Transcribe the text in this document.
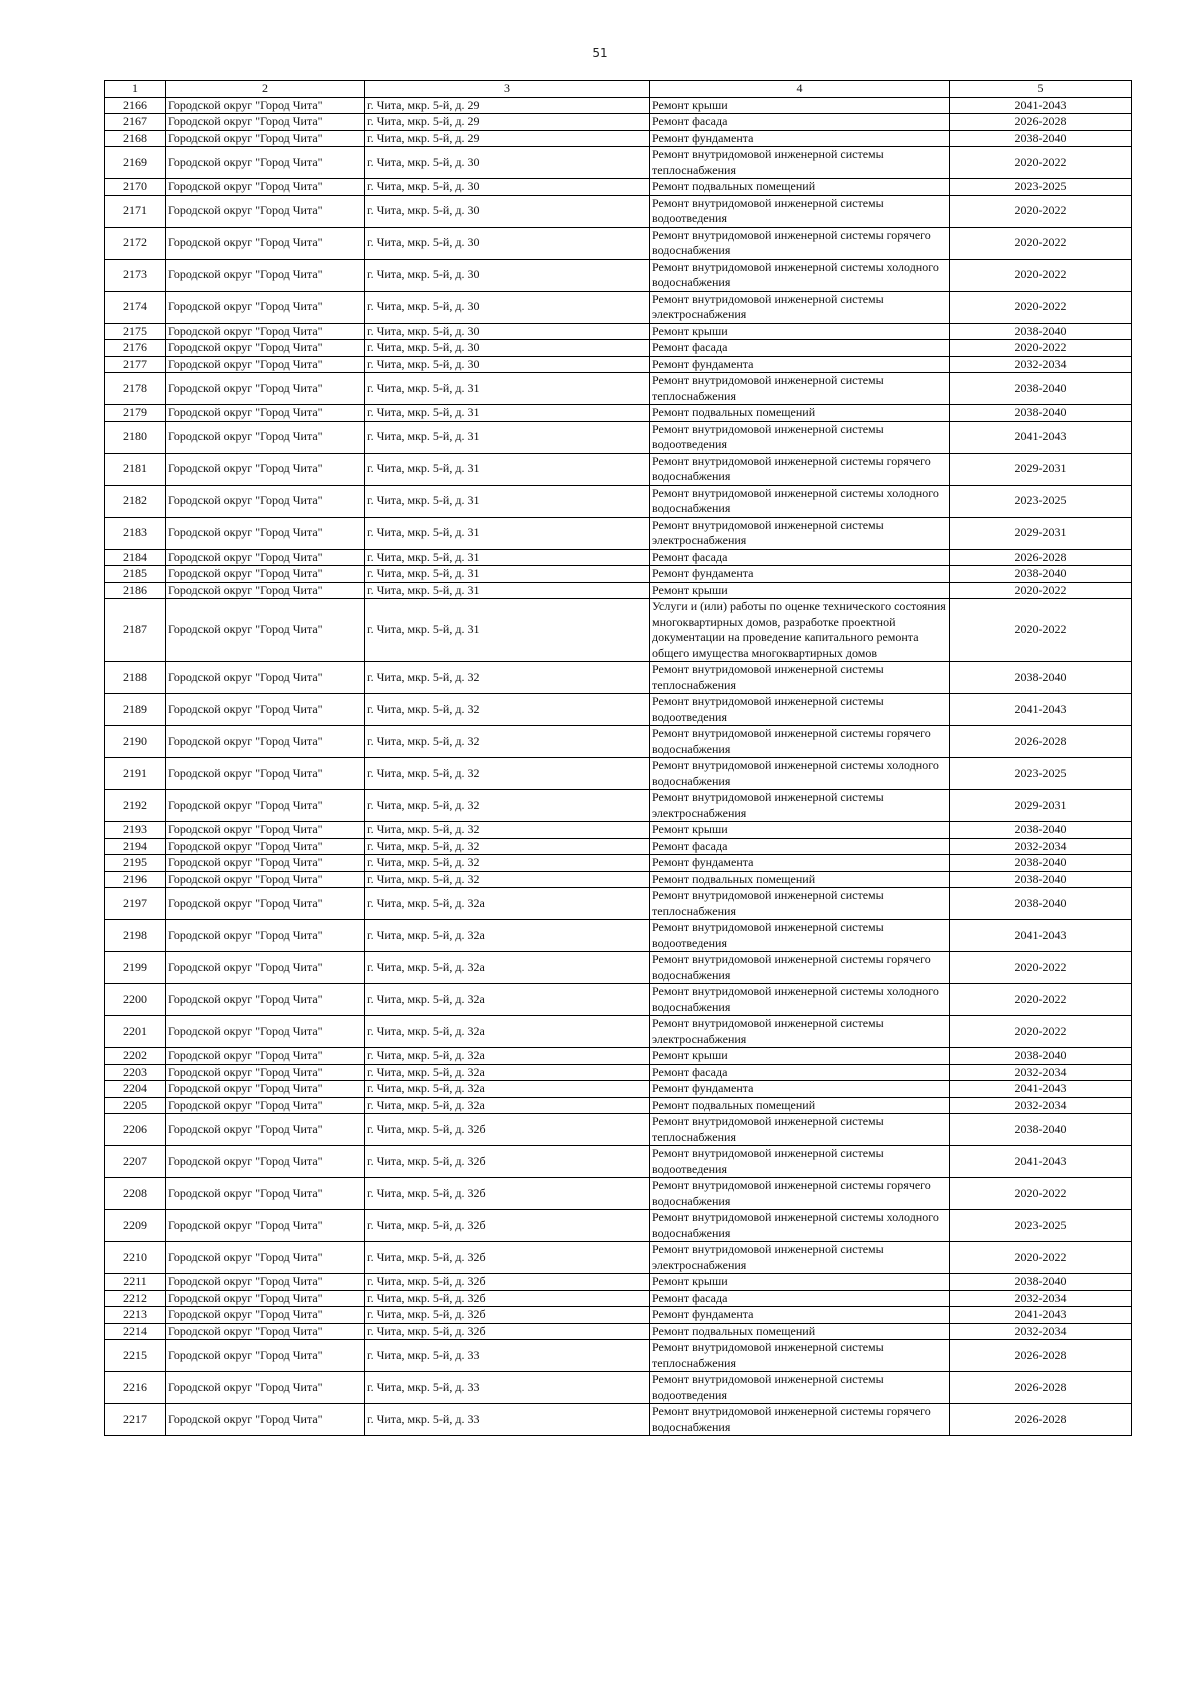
51
1	2	3	4	5
2166	Городской округ "Город Чита"	г. Чита, мкр. 5-й, д. 29	Ремонт крыши	2041-2043
2167	Городской округ "Город Чита"	г. Чита, мкр. 5-й, д. 29	Ремонт фасада	2026-2028
2168	Городской округ "Город Чита"	г. Чита, мкр. 5-й, д. 29	Ремонт фундамента	2038-2040
2169	Городской округ "Город Чита"	г. Чита, мкр. 5-й, д. 30	Ремонт внутридомовой инженерной системы теплоснабжения	2020-2022
2170	Городской округ "Город Чита"	г. Чита, мкр. 5-й, д. 30	Ремонт подвальных помещений	2023-2025
2171	Городской округ "Город Чита"	г. Чита, мкр. 5-й, д. 30	Ремонт внутридомовой инженерной системы водоотведения	2020-2022
2172	Городской округ "Город Чита"	г. Чита, мкр. 5-й, д. 30	Ремонт внутридомовой инженерной системы горячего водоснабжения	2020-2022
2173	Городской округ "Город Чита"	г. Чита, мкр. 5-й, д. 30	Ремонт внутридомовой инженерной системы холодного водоснабжения	2020-2022
2174	Городской округ "Город Чита"	г. Чита, мкр. 5-й, д. 30	Ремонт внутридомовой инженерной системы электроснабжения	2020-2022
2175	Городской округ "Город Чита"	г. Чита, мкр. 5-й, д. 30	Ремонт крыши	2038-2040
2176	Городской округ "Город Чита"	г. Чита, мкр. 5-й, д. 30	Ремонт фасада	2020-2022
2177	Городской округ "Город Чита"	г. Чита, мкр. 5-й, д. 30	Ремонт фундамента	2032-2034
2178	Городской округ "Город Чита"	г. Чита, мкр. 5-й, д. 31	Ремонт внутридомовой инженерной системы теплоснабжения	2038-2040
2179	Городской округ "Город Чита"	г. Чита, мкр. 5-й, д. 31	Ремонт подвальных помещений	2038-2040
2180	Городской округ "Город Чита"	г. Чита, мкр. 5-й, д. 31	Ремонт внутридомовой инженерной системы водоотведения	2041-2043
2181	Городской округ "Город Чита"	г. Чита, мкр. 5-й, д. 31	Ремонт внутридомовой инженерной системы горячего водоснабжения	2029-2031
2182	Городской округ "Город Чита"	г. Чита, мкр. 5-й, д. 31	Ремонт внутридомовой инженерной системы холодного водоснабжения	2023-2025
2183	Городской округ "Город Чита"	г. Чита, мкр. 5-й, д. 31	Ремонт внутридомовой инженерной системы электроснабжения	2029-2031
2184	Городской округ "Город Чита"	г. Чита, мкр. 5-й, д. 31	Ремонт фасада	2026-2028
2185	Городской округ "Город Чита"	г. Чита, мкр. 5-й, д. 31	Ремонт фундамента	2038-2040
2186	Городской округ "Город Чита"	г. Чита, мкр. 5-й, д. 31	Ремонт крыши	2020-2022
2187	Городской округ "Город Чита"	г. Чита, мкр. 5-й, д. 31	Услуги и (или) работы по оценке технического состояния многоквартирных домов, разработке проектной документации на проведение капитального ремонта общего имущества многоквартирных домов	2020-2022
2188	Городской округ "Город Чита"	г. Чита, мкр. 5-й, д. 32	Ремонт внутридомовой инженерной системы теплоснабжения	2038-2040
2189	Городской округ "Город Чита"	г. Чита, мкр. 5-й, д. 32	Ремонт внутридомовой инженерной системы водоотведения	2041-2043
2190	Городской округ "Город Чита"	г. Чита, мкр. 5-й, д. 32	Ремонт внутридомовой инженерной системы горячего водоснабжения	2026-2028
2191	Городской округ "Город Чита"	г. Чита, мкр. 5-й, д. 32	Ремонт внутридомовой инженерной системы холодного водоснабжения	2023-2025
2192	Городской округ "Город Чита"	г. Чита, мкр. 5-й, д. 32	Ремонт внутридомовой инженерной системы электроснабжения	2029-2031
2193	Городской округ "Город Чита"	г. Чита, мкр. 5-й, д. 32	Ремонт крыши	2038-2040
2194	Городской округ "Город Чита"	г. Чита, мкр. 5-й, д. 32	Ремонт фасада	2032-2034
2195	Городской округ "Город Чита"	г. Чита, мкр. 5-й, д. 32	Ремонт фундамента	2038-2040
2196	Городской округ "Город Чита"	г. Чита, мкр. 5-й, д. 32	Ремонт подвальных помещений	2038-2040
2197	Городской округ "Город Чита"	г. Чита, мкр. 5-й, д. 32а	Ремонт внутридомовой инженерной системы теплоснабжения	2038-2040
2198	Городской округ "Город Чита"	г. Чита, мкр. 5-й, д. 32а	Ремонт внутридомовой инженерной системы водоотведения	2041-2043
2199	Городской округ "Город Чита"	г. Чита, мкр. 5-й, д. 32а	Ремонт внутридомовой инженерной системы горячего водоснабжения	2020-2022
2200	Городской округ "Город Чита"	г. Чита, мкр. 5-й, д. 32а	Ремонт внутридомовой инженерной системы холодного водоснабжения	2020-2022
2201	Городской округ "Город Чита"	г. Чита, мкр. 5-й, д. 32а	Ремонт внутридомовой инженерной системы электроснабжения	2020-2022
2202	Городской округ "Город Чита"	г. Чита, мкр. 5-й, д. 32а	Ремонт крыши	2038-2040
2203	Городской округ "Город Чита"	г. Чита, мкр. 5-й, д. 32а	Ремонт фасада	2032-2034
2204	Городской округ "Город Чита"	г. Чита, мкр. 5-й, д. 32а	Ремонт фундамента	2041-2043
2205	Городской округ "Город Чита"	г. Чита, мкр. 5-й, д. 32а	Ремонт подвальных помещений	2032-2034
2206	Городской округ "Город Чита"	г. Чита, мкр. 5-й, д. 32б	Ремонт внутридомовой инженерной системы теплоснабжения	2038-2040
2207	Городской округ "Город Чита"	г. Чита, мкр. 5-й, д. 32б	Ремонт внутридомовой инженерной системы водоотведения	2041-2043
2208	Городской округ "Город Чита"	г. Чита, мкр. 5-й, д. 32б	Ремонт внутридомовой инженерной системы горячего водоснабжения	2020-2022
2209	Городской округ "Город Чита"	г. Чита, мкр. 5-й, д. 32б	Ремонт внутридомовой инженерной системы холодного водоснабжения	2023-2025
2210	Городской округ "Город Чита"	г. Чита, мкр. 5-й, д. 32б	Ремонт внутридомовой инженерной системы электроснабжения	2020-2022
2211	Городской округ "Город Чита"	г. Чита, мкр. 5-й, д. 32б	Ремонт крыши	2038-2040
2212	Городской округ "Город Чита"	г. Чита, мкр. 5-й, д. 32б	Ремонт фасада	2032-2034
2213	Городской округ "Город Чита"	г. Чита, мкр. 5-й, д. 32б	Ремонт фундамента	2041-2043
2214	Городской округ "Город Чита"	г. Чита, мкр. 5-й, д. 32б	Ремонт подвальных помещений	2032-2034
2215	Городской округ "Город Чита"	г. Чита, мкр. 5-й, д. 33	Ремонт внутридомовой инженерной системы теплоснабжения	2026-2028
2216	Городской округ "Город Чита"	г. Чита, мкр. 5-й, д. 33	Ремонт внутридомовой инженерной системы водоотведения	2026-2028
2217	Городской округ "Город Чита"	г. Чита, мкр. 5-й, д. 33	Ремонт внутридомовой инженерной системы горячего водоснабжения	2026-2028
